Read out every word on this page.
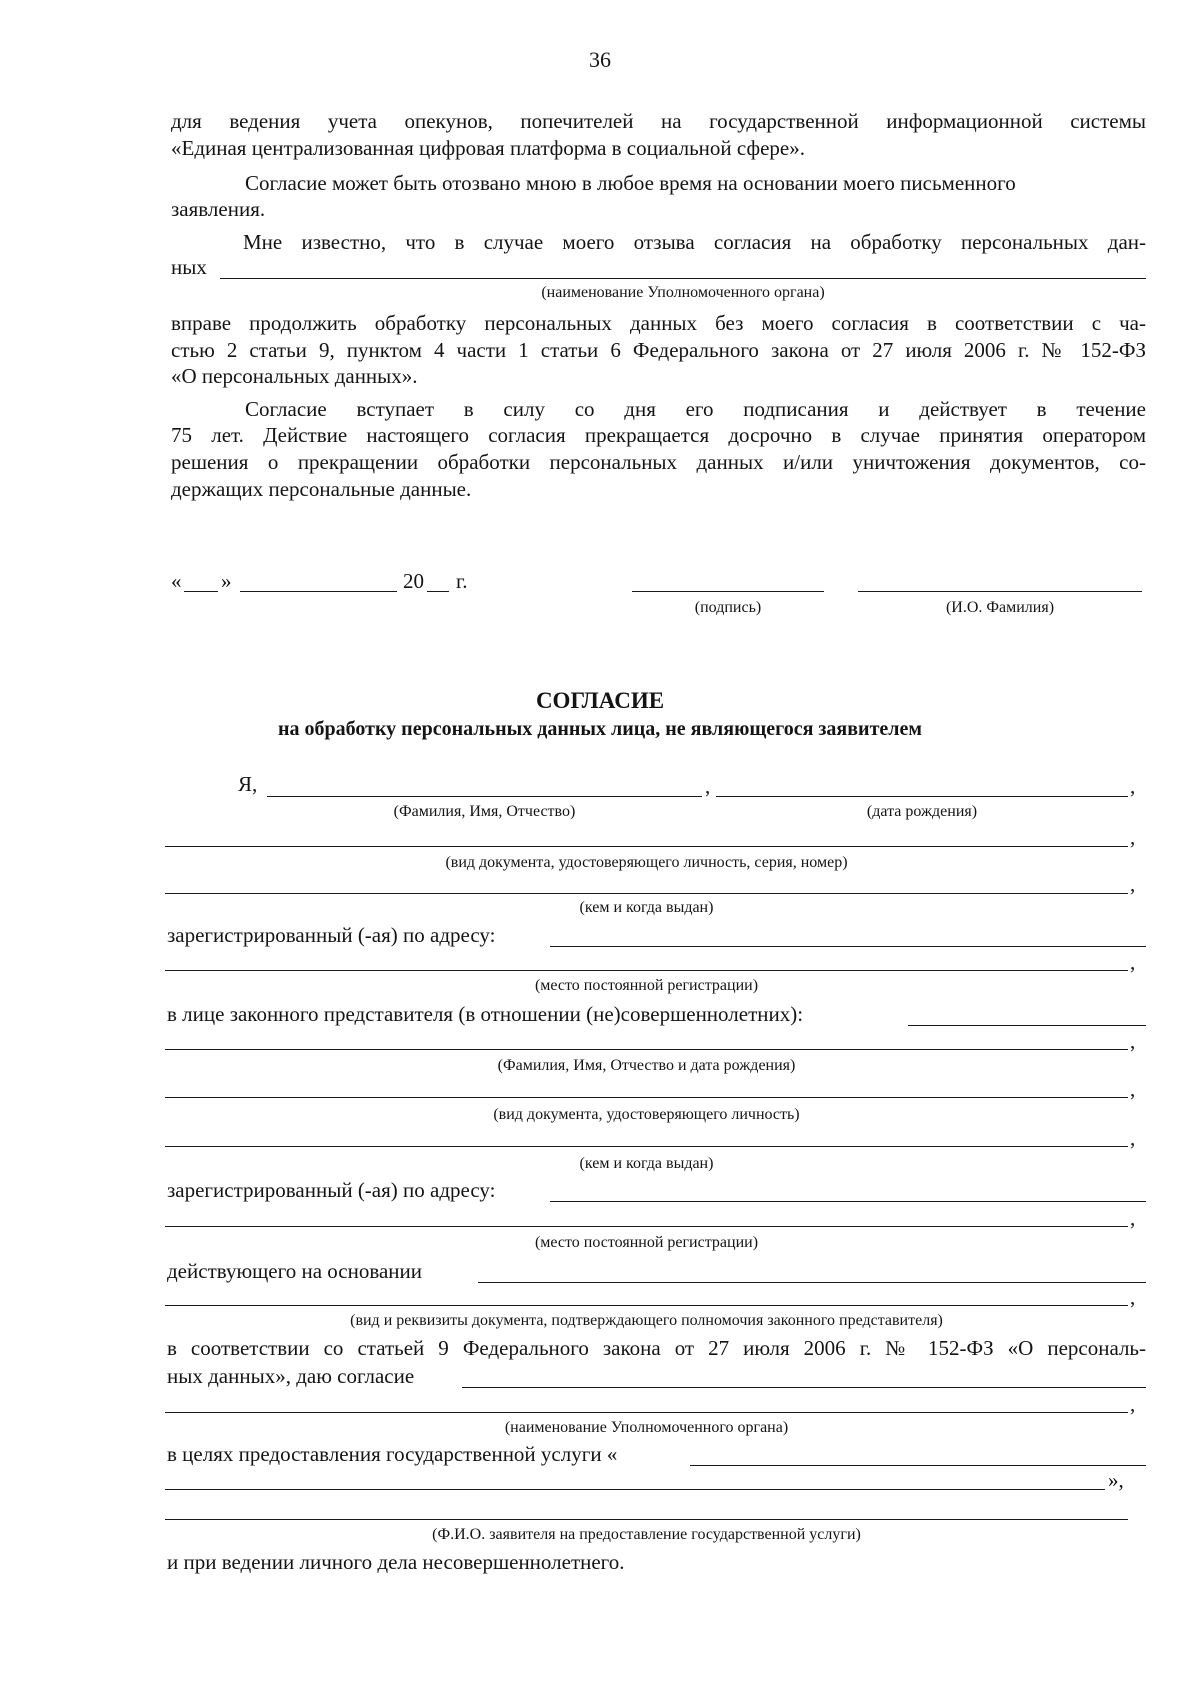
36
для ведения учета опекунов, попечителей на государственной информационной системы
«Единая централизованная цифровая платформа в социальной сфере».
Согласие может быть отозвано мною в любое время на основании моего письменного
заявления.
Мне известно, что в случае моего отзыва согласия на обработку персональных дан-
ных
(наименование Уполномоченного органа)
вправе продолжить обработку персональных данных без моего согласия в соответствии с ча-
стью 2 статьи 9, пунктом 4 части 1 статьи 6 Федерального закона от 27 июля 2006 г. № 152-ФЗ
«О персональных данных».
Согласие вступает в силу со дня его подписания и действует в течение
75 лет. Действие настоящего согласия прекращается досрочно в случае принятия оператором
решения о прекращении обработки персональных данных и/или уничтожения документов, со-
держащих персональные данные.
« »	20 г.
(подпись)	(И.О. Фамилия)
СОГЛАСИЕ
на обработку персональных данных лица, не являющегося заявителем
Я,	,	,
(Фамилия, Имя, Отчество)	(дата рождения)
,
(вид документа, удостоверяющего личность, серия, номер)
,
(кем и когда выдан)
зарегистрированный (-ая) по адресу:
,
(место постоянной регистрации)
в лице законного представителя (в отношении (не)совершеннолетних):
,
(Фамилия, Имя, Отчество и дата рождения)
,
(вид документа, удостоверяющего личность)
,
(кем и когда выдан)
зарегистрированный (-ая) по адресу:
,
(место постоянной регистрации)
действующего на основании
,
(вид и реквизиты документа, подтверждающего полномочия законного представителя)
в соответствии со статьей 9 Федерального закона от 27 июля 2006 г. № 152-ФЗ «О персональ-
ных данных», даю согласие
,
(наименование Уполномоченного органа)
в целях предоставления государственной услуги «
»,
(Ф.И.О. заявителя на предоставление государственной услуги)
и при ведении личного дела несовершеннолетнего.
